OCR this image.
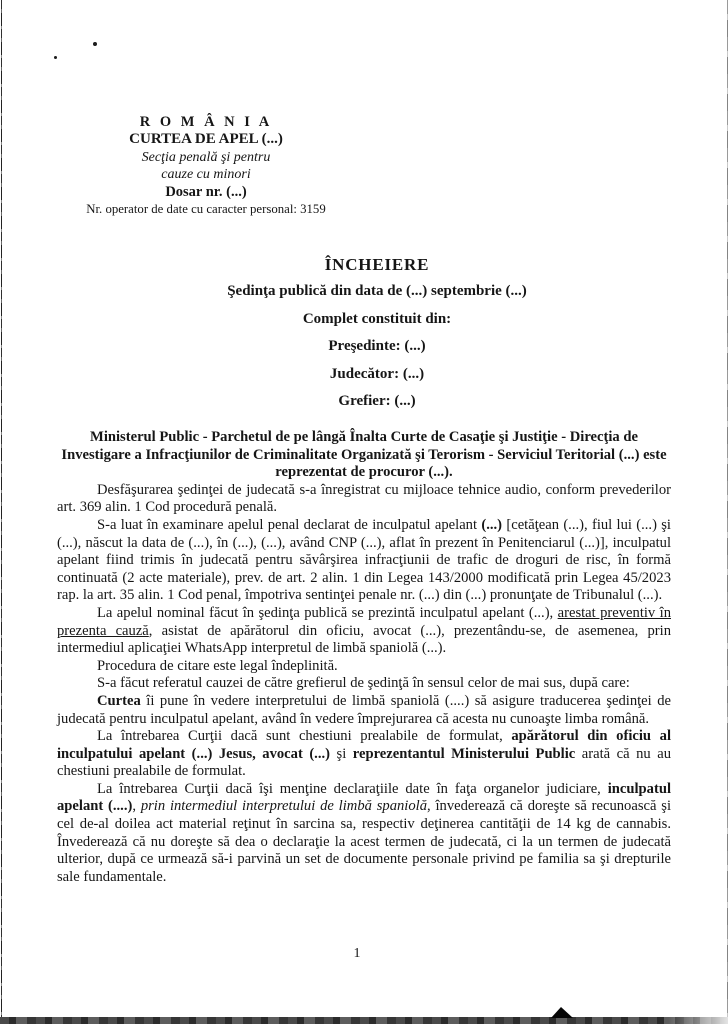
R O M Â N I A
CURTEA DE APEL (...)
Secţia penală şi pentru
cauze cu minori
Dosar nr. (...)
Nr. operator de date cu caracter personal: 3159
ÎNCHEIERE
Şedinţa publică din data de (...) septembrie (...)
Complet constituit din:
Preşedinte: (...)
Judecător: (...)
Grefier: (...)

Ministerul Public - Parchetul de pe lângă Înalta Curte de Casaţie şi Justiţie - Direcţia de Investigare a Infracţiunilor de Criminalitate Organizată şi Terorism - Serviciul Teritorial (...) este reprezentat de procuror (...).

Desfăşurarea şedinţei de judecată s-a înregistrat cu mijloace tehnice audio, conform prevederilor art. 369 alin. 1 Cod procedură penală.

S-a luat în examinare apelul penal declarat de inculpatul apelant (...) [cetăţean (...), fiul lui (...) şi (...), născut la data de (...), în (...), (...), având CNP (...), aflat în prezent în Penitenciarul (...)], inculpatul apelant fiind trimis în judecată pentru săvârşirea infracţiunii de trafic de droguri de risc, în formă continuată (2 acte materiale), prev. de art. 2 alin. 1 din Legea 143/2000 modificată prin Legea 45/2023 rap. la art. 35 alin. 1 Cod penal, împotriva sentinţei penale nr. (...) din (...) pronunţate de Tribunalul (...).

La apelul nominal făcut în şedinţa publică se prezintă inculpatul apelant (...), arestat preventiv în prezenta cauză, asistat de apărătorul din oficiu, avocat (...), prezentându-se, de asemenea, prin intermediul aplicaţiei WhatsApp interpretul de limbă spaniolă (...).

Procedura de citare este legal îndeplinită.

S-a făcut referatul cauzei de către grefierul de şedinţă în sensul celor de mai sus, după care:

Curtea îi pune în vedere interpretului de limbă spaniolă (....) să asigure traducerea şedinţei de judecată pentru inculpatul apelant, având în vedere împrejurarea că acesta nu cunoaşte limba română.

La întrebarea Curţii dacă sunt chestiuni prealabile de formulat, apărătorul din oficiu al inculpatului apelant (...) Jesus, avocat (...) şi reprezentantul Ministerului Public arată că nu au chestiuni prealabile de formulat.

La întrebarea Curţii dacă îşi menţine declaraţiile date în faţa organelor judiciare, inculpatul apelant (....), prin intermediul interpretului de limbă spaniolă, învederează că doreşte să recunoască şi cel de-al doilea act material reţinut în sarcina sa, respectiv deţinerea cantităţii de 14 kg de cannabis. Învederează că nu doreşte să dea o declaraţie la acest termen de judecată, ci la un termen de judecată ulterior, după ce urmează să-i parvină un set de documente personale privind pe familia sa şi drepturile sale fundamentale.

1
